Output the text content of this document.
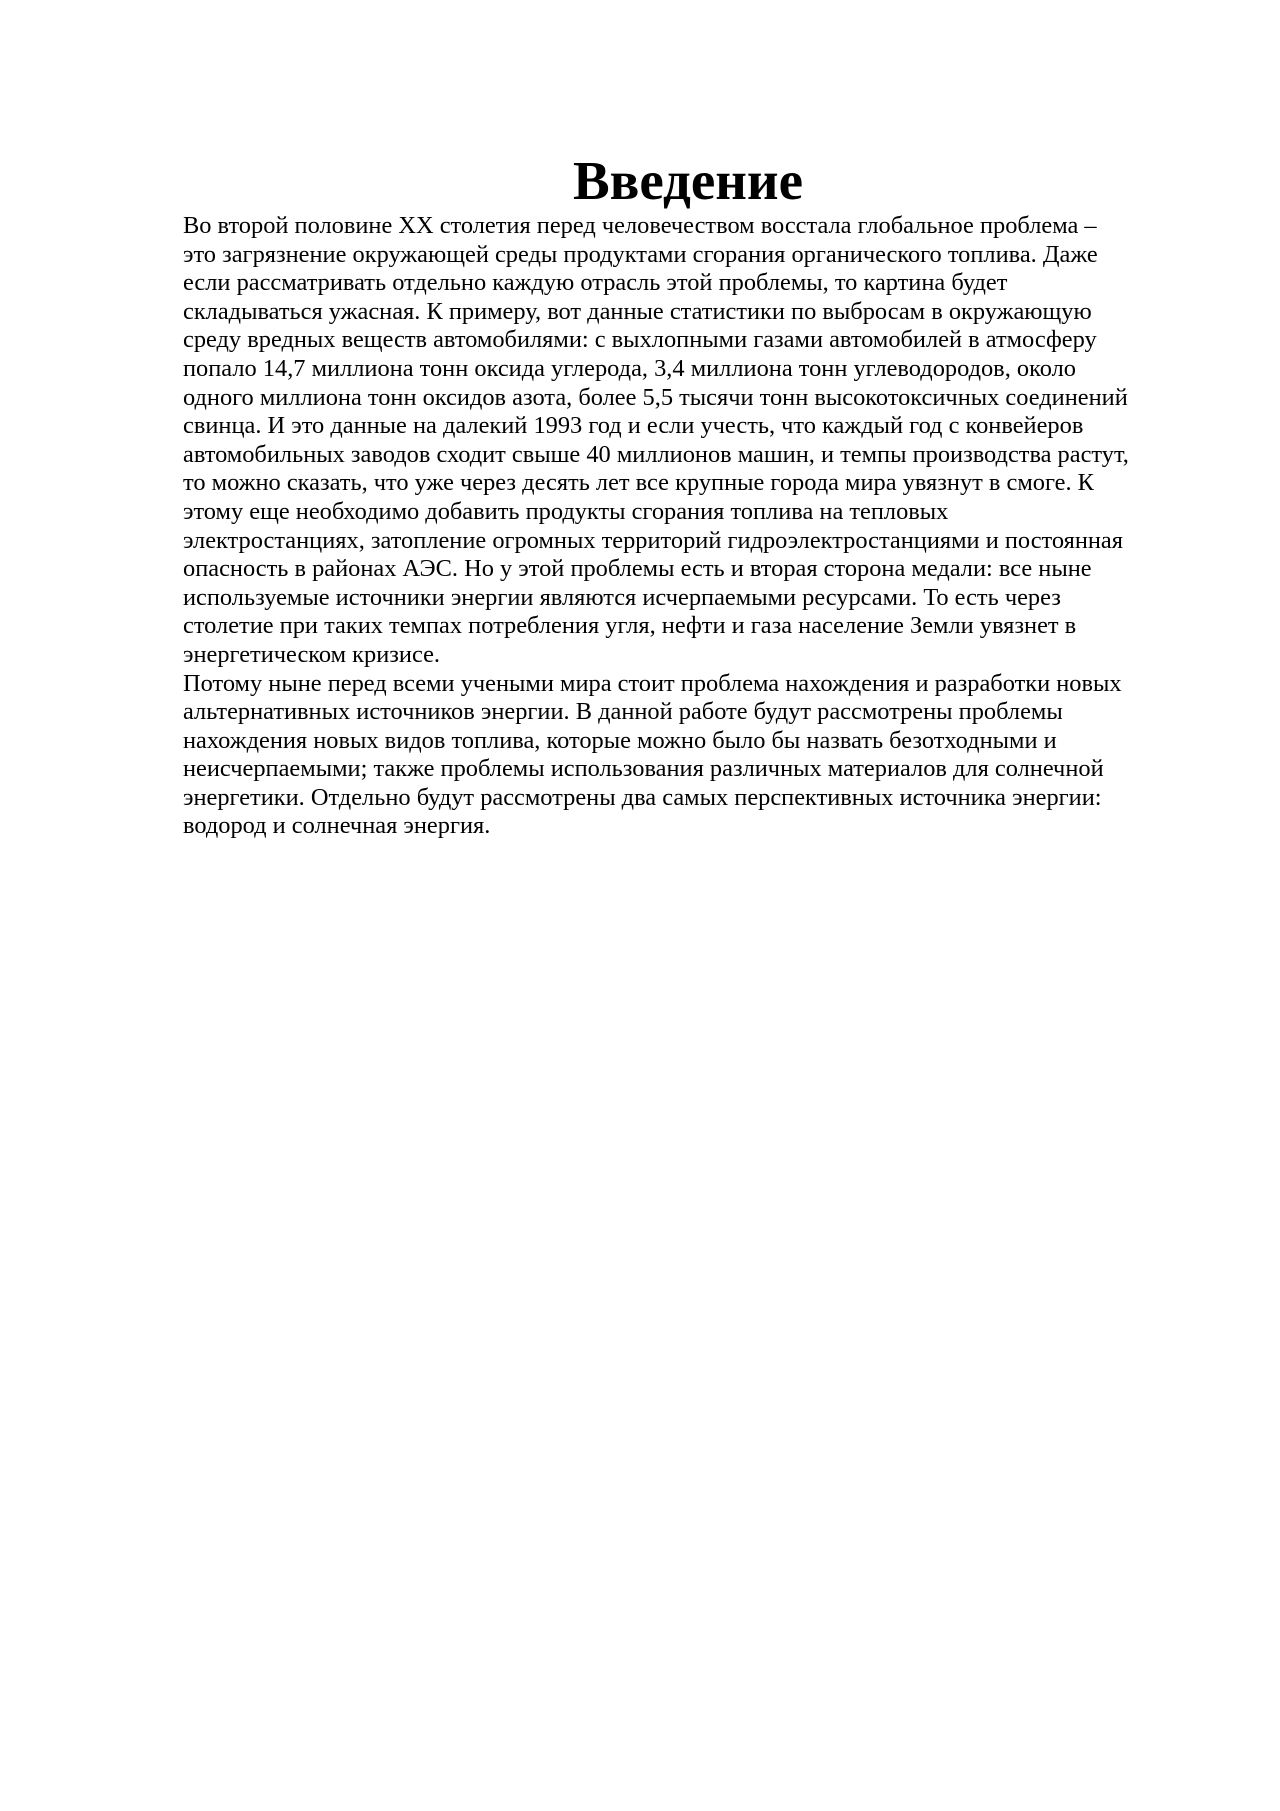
Введение

Во второй половине XX столетия перед человечеством восстала глобальное проблема –
это загрязнение окружающей среды продуктами сгорания органического топлива. Даже
если рассматривать отдельно каждую отрасль этой проблемы, то картина будет
складываться ужасная. К примеру, вот данные статистики по выбросам в окружающую
среду вредных веществ автомобилями: с выхлопными газами автомобилей в атмосферу
попало 14,7 миллиона тонн оксида углерода, 3,4 миллиона тонн углеводородов, около
одного миллиона тонн оксидов азота, более 5,5 тысячи тонн высокотоксичных соединений
свинца. И это данные на далекий 1993 год и если учесть, что каждый год с конвейеров
автомобильных заводов сходит свыше 40 миллионов машин, и темпы производства растут,
то можно сказать, что уже через десять лет все крупные города мира увязнут в смоге. К
этому еще необходимо добавить продукты сгорания топлива на тепловых
электростанциях, затопление огромных территорий гидроэлектростанциями и постоянная
опасность в районах АЭС. Но у этой проблемы есть и вторая сторона медали: все ныне
используемые источники энергии являются исчерпаемыми ресурсами. То есть через
столетие при таких темпах потребления угля, нефти и газа население Земли увязнет в
энергетическом кризисе.

Потому ныне перед всеми учеными мира стоит проблема нахождения и разработки новых
альтернативных источников энергии. В данной работе будут рассмотрены проблемы
нахождения новых видов топлива, которые можно было бы назвать безотходными и
неисчерпаемыми; также проблемы использования различных материалов для солнечной
энергетики. Отдельно будут рассмотрены два самых перспективных источника энергии:
водород и солнечная энергия.
